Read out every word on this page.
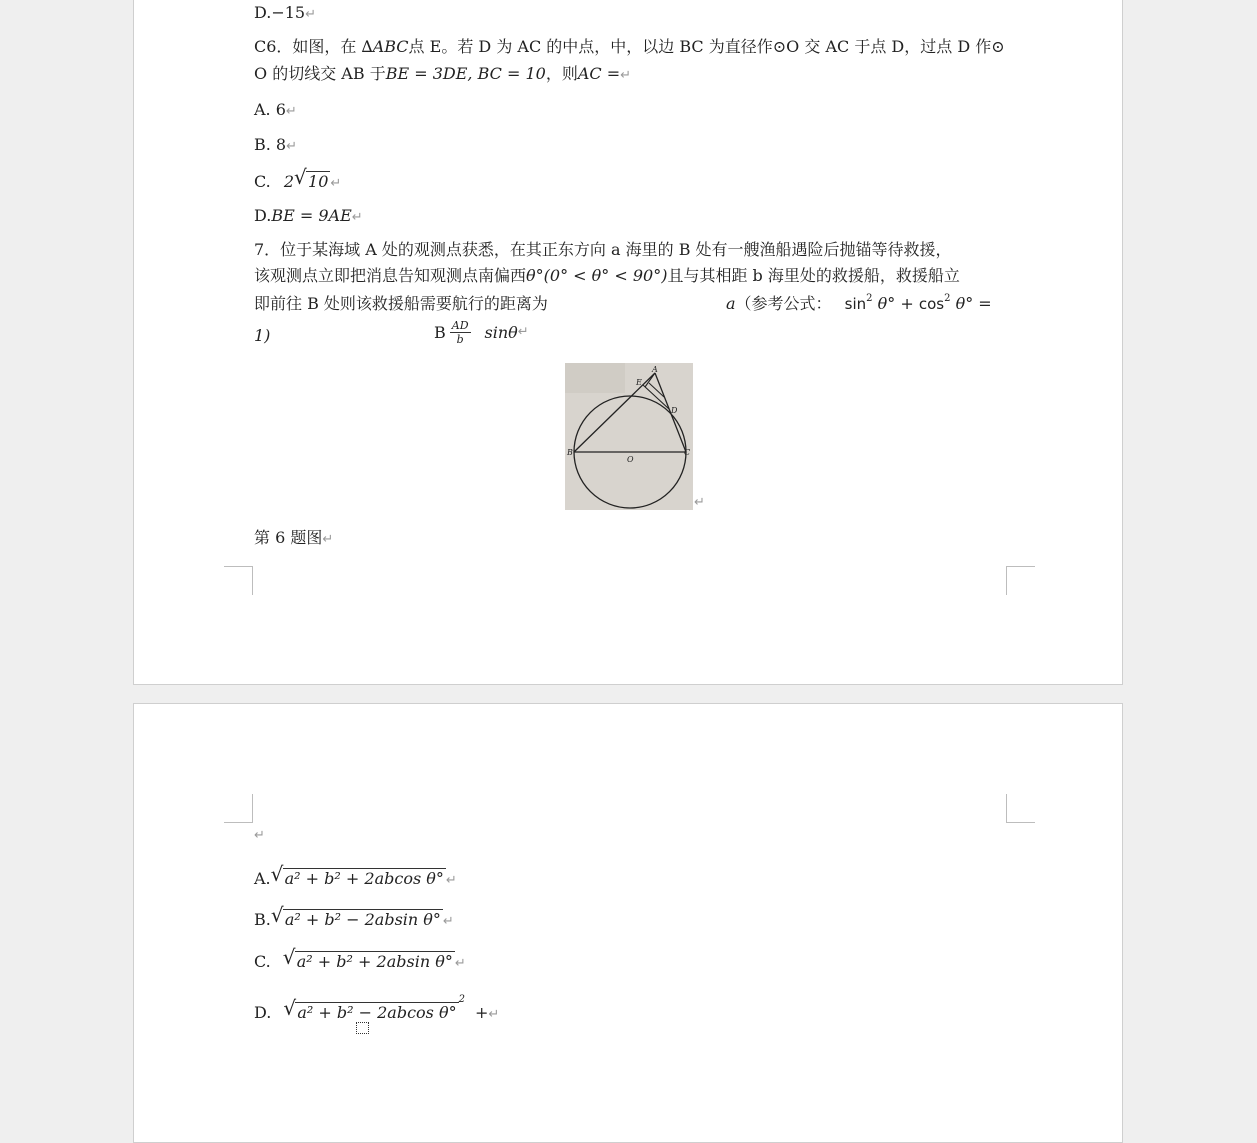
D.−15↵
C6．如图，在 ∆ABC点 E。若 D 为 AC 的中点，中，以边 BC 为直径作⊙O 交 AC 于点 D，过点 D 作⊙
O 的切线交 AB 于BE = 3DE, BC = 10，则AC =↵
A. 6↵
B. 8↵
C. 2 √ 10 ↵
D.BE = 9AE↵
7．位于某海域 A 处的观测点获悉，在其正东方向 a 海里的 B 处有一艘渔船遇险后抛锚等待救援，
该观测点立即把消息告知观测点南偏西θ°(0° < θ° < 90°)且与其相距 b 海里处的救援船，救援船立
即前往 B 处则该救援船需要航行的距离为	a（参考公式： $\sin^2 \theta^\circ + \cos^2 \theta^\circ$ =
1)	B $\frac{AD}{b}$ sinθ↵
A
E
D
B	C
O
↵
第 6 题图↵
↵
A. √ a² + b² + 2abcos θ° ↵
B. √ a² + b² − 2absin θ° ↵
C. √ a² + b² + 2absin θ° ↵
D. √ a² + b² − 2abcos θ°$^2$+↵
